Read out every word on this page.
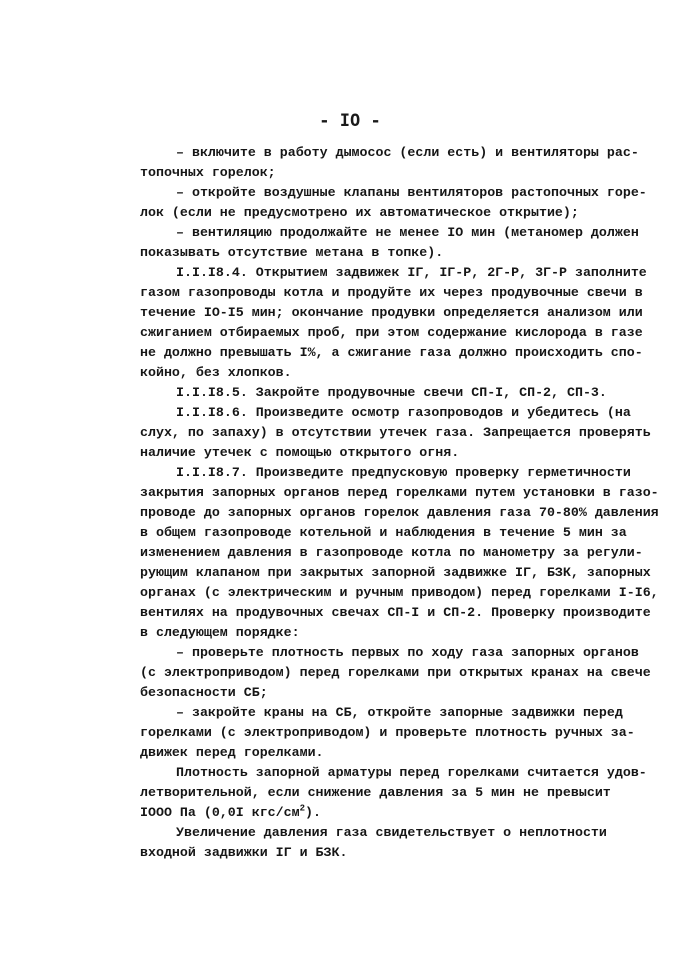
- IO -

– включите в работу дымосос (если есть) и вентиляторы рас-

топочных горелок;

– откройте воздушные клапаны вентиляторов растопочных горе-

лок (если не предусмотрено их автоматическое открытие);

– вентиляцию продолжайте не менее IO мин (метаномер должен

показывать отсутствие метана в топке).

I.I.I8.4. Открытием задвижек IГ, IГ-Р, 2Г-Р, 3Г-Р заполните

газом газопроводы котла и продуйте их через продувочные свечи в

течение IO-I5 мин; окончание продувки определяется анализом или

сжиганием отбираемых проб, при этом содержание кислорода в газе

не должно превышать I%, а сжигание газа должно происходить спо-

койно, без хлопков.

I.I.I8.5. Закройте продувочные свечи СП-I, СП-2, СП-3.

I.I.I8.6. Произведите осмотр газопроводов и убедитесь (на

слух, по запаху) в отсутствии утечек газа. Запрещается проверять

наличие утечек с помощью открытого огня.

I.I.I8.7. Произведите предпусковую проверку герметичности

закрытия запорных органов перед горелками путем установки в газо-

проводе до запорных органов горелок давления газа 70-80% давления

в общем газопроводе котельной и наблюдения в течение 5 мин за

изменением давления в газопроводе котла по манометру за регули-

рующим клапаном при закрытых запорной задвижке IГ, БЗК, запорных

органах (с электрическим и ручным приводом) перед горелками I-I6,

вентилях на продувочных свечах СП-I и СП-2. Проверку производите

в следующем порядке:

– проверьте плотность первых по ходу газа запорных органов

(с электроприводом) перед горелками при открытых кранах на свече

безопасности СБ;

– закройте краны на СБ, откройте запорные задвижки перед

горелками (с электроприводом) и проверьте плотность ручных за-

движек перед горелками.

Плотность запорной арматуры перед горелками считается удов-

летворительной, если снижение давления за 5 мин не превысит

IOOO Па (0,0I кгс/$см^2$).

Увеличение давления газа свидетельствует о неплотности

входной задвижки IГ и БЗК.
